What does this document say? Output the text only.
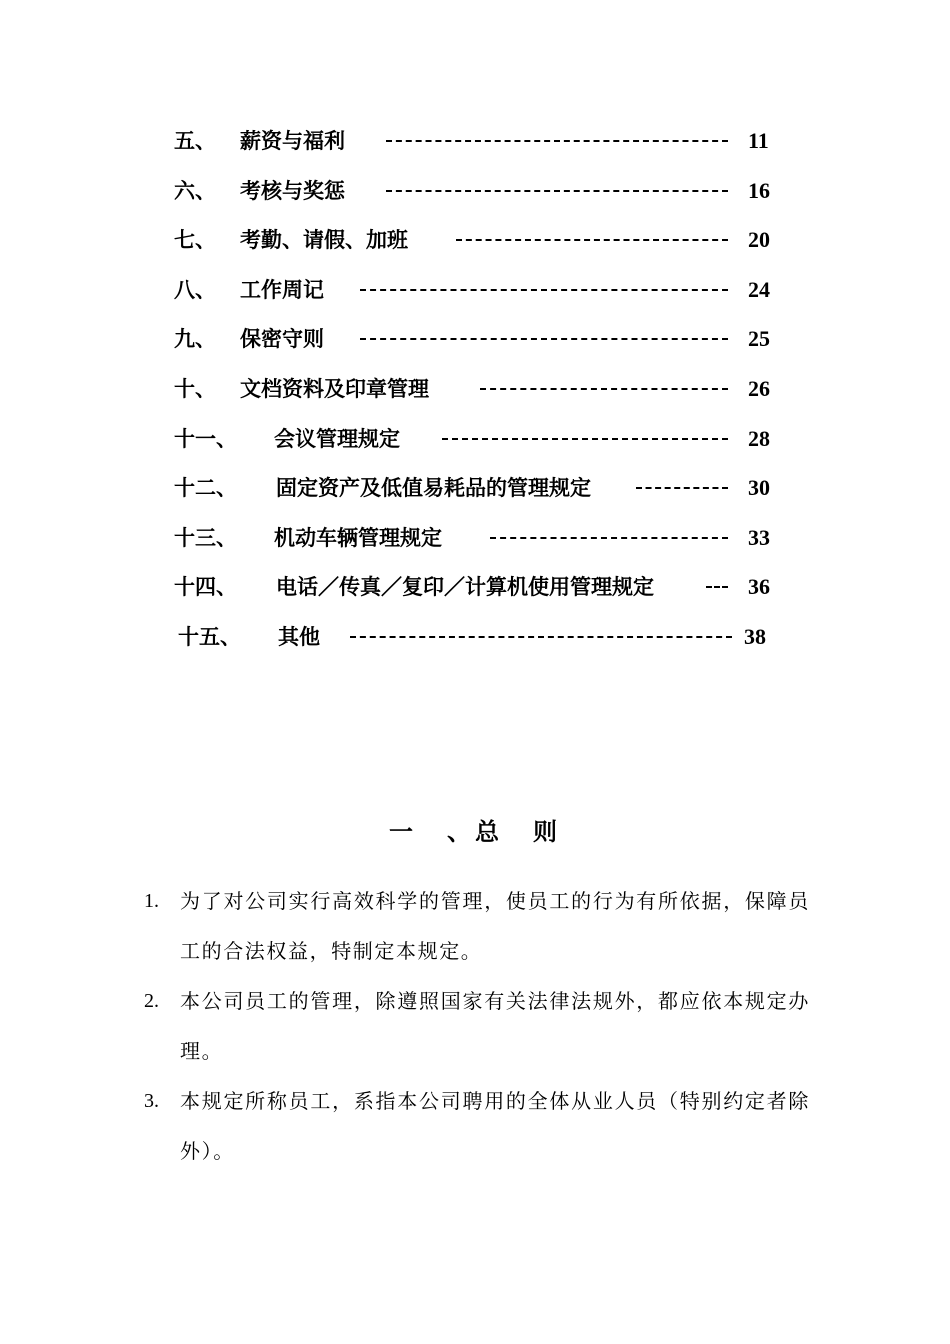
五、 薪资与福利	11
六、 考核与奖惩	16
七、 考勤、请假、加班	20
八、 工作周记	24
九、 保密守则	25
十、 文档资料及印章管理	26
十一、 会议管理规定	28
十二、 固定资产及低值易耗品的管理规定	30
十三、 机动车辆管理规定	33
十四、 电话／传真／复印／计算机使用管理规定	36
十五、 其他	38
一 、总 则
1. 为了对公司实行高效科学的管理，使员工的行为有所依据，保障员工的合法权益，特制定本规定。
2. 本公司员工的管理，除遵照国家有关法律法规外，都应依本规定办理。
3. 本规定所称员工，系指本公司聘用的全体从业人员（特别约定者除外）。
